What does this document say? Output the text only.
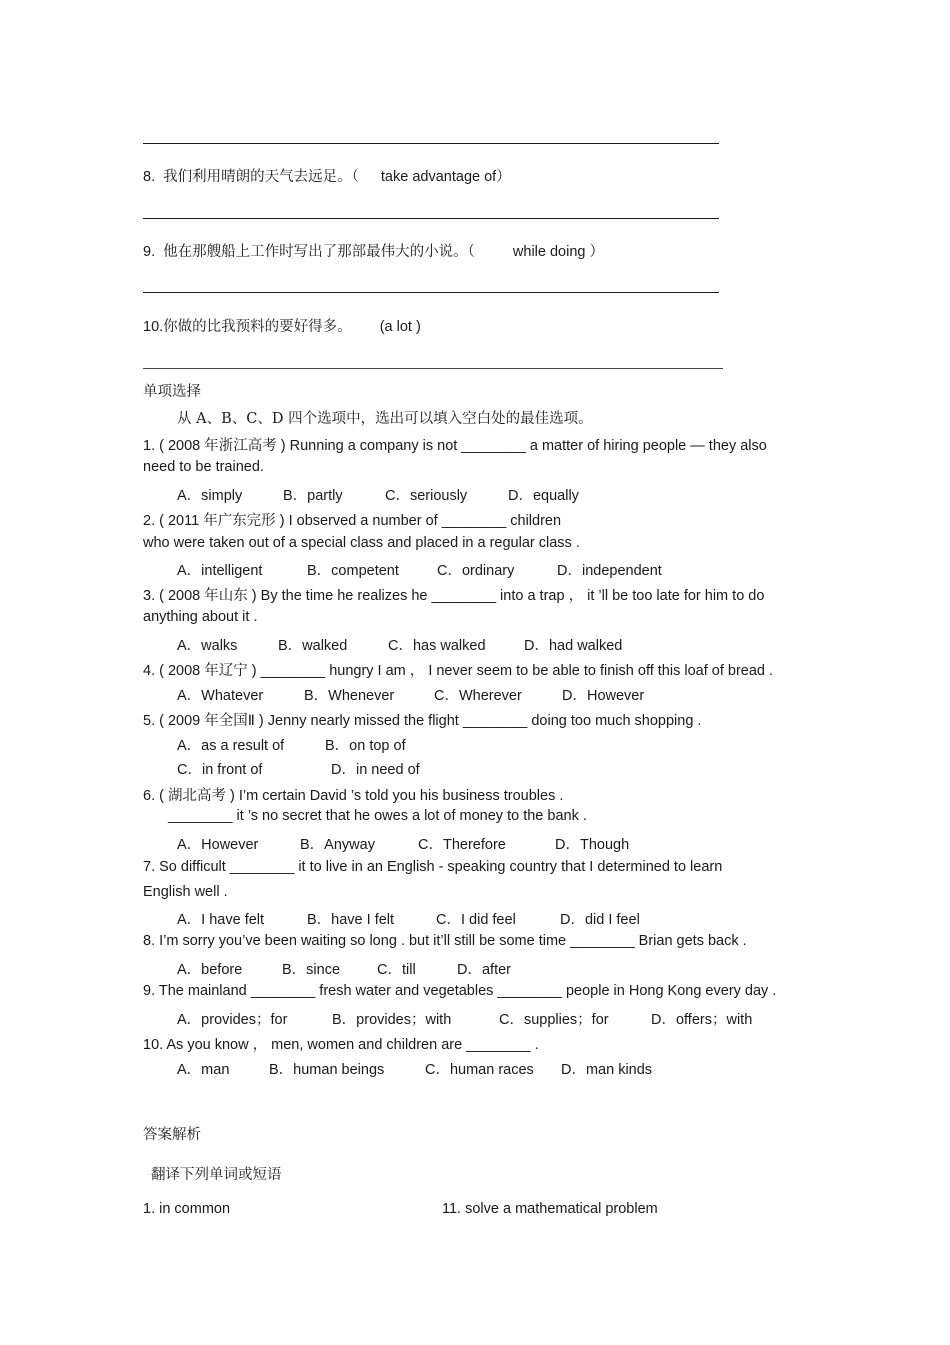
8. 我们利用晴朗的天气去远足。（ take advantage of）
9. 他在那艘船上工作时写出了那部最伟大的小说。（	while doing ）
10.你做的比我预料的要好得多。 (a lot )
单项选择
从 A、B、C、D 四个选项中，选出可以填入空白处的最佳选项。
1. ( 2008 年浙江高考 ) Running a company is not ________ a matter of hiring people — they also
need to be trained.
A．simply	B．partly	C．seriously	D．equally
2. ( 2011 年广东完形 ) I observed a number of ________ children
who were taken out of a special class and placed in a regular class .
A．intelligent	B．competent	C．ordinary	D．independent
3. ( 2008 年山东 ) By the time he realizes he ________ into a trap ， it ’ll be too late for him to do
anything about it .
A．walks	B．walked	C．has walked	D．had walked
4. ( 2008 年辽宁 ) ________ hungry I am ， I never seem to be able to finish off this loaf of bread .
A．Whatever	B．Whenever	C．Wherever	D．However
5. ( 2009 年全国Ⅱ ) Jenny nearly missed the flight ________ doing too much shopping .
A．as a result of	B．on top of
C．in front of	D．in need of
6. ( 湖北高考 ) I’m certain David ’s told you his business troubles .
________ it ’s no secret that he owes a lot of money to the bank .
A．However	B．Anyway	C．Therefore	D．Though
7. So difficult ________ it to live in an English - speaking country that I determined to learn
English well .
A．I have felt	B．have I felt	C．I did feel	D．did I feel
8. I’m sorry you’ve been waiting so long . but it’ll still be some time ________ Brian gets back .
A．before	B．since	C．till	D．after
9. The mainland ________ fresh water and vegetables ________ people in Hong Kong every day .
A．provides；for	B．provides；with	C．supplies；for	D．offers；with
10. As you know ， men, women and children are ________ .
A．man	B．human beings	C．human races D．man kinds
答案解析
翻译下列单词或短语
1. in common	11. solve a mathematical problem
